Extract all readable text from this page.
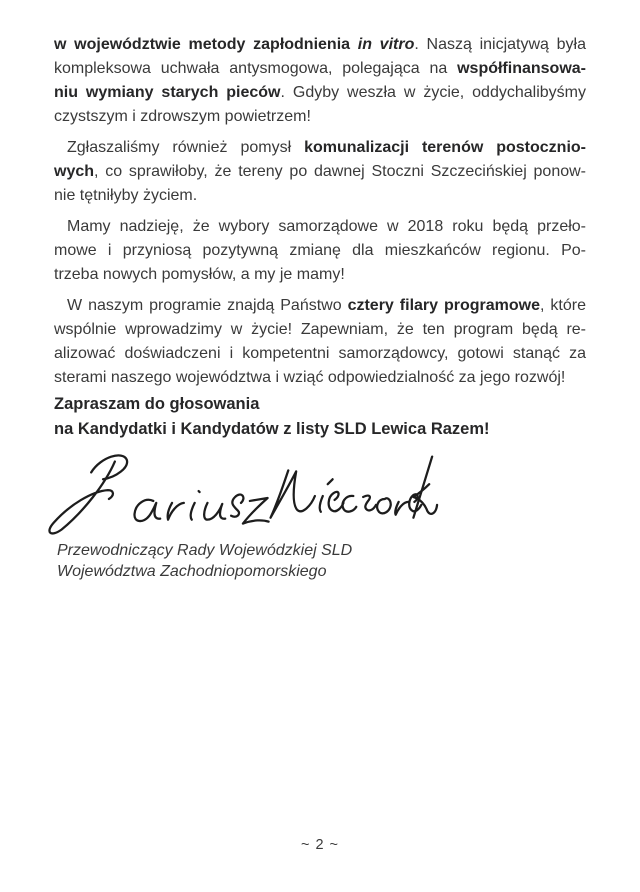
w województwie metody zapłodnienia in vitro. Naszą inicjatywą była
kompleksowa uchwała antysmogowa, polegająca na współfinansowa-
niu wymiany starych pieców. Gdyby weszła w życie, oddychalibyśmy
czystszym i zdrowszym powietrzem!
Zgłaszaliśmy również pomysł komunalizacji terenów postocznio-
wych, co sprawiłoby, że tereny po dawnej Stoczni Szczecińskiej ponow-
nie tętniłyby życiem.
Mamy nadzieję, że wybory samorządowe w 2018 roku będą przeło-
mowe i przyniosą pozytywną zmianę dla mieszkańców regionu. Po-
trzeba nowych pomysłów, a my je mamy!
W naszym programie znajdą Państwo cztery filary programowe, które
wspólnie wprowadzimy w życie! Zapewniam, że ten program będą re-
alizować doświadczeni i kompetentni samorządowcy, gotowi stanąć za
sterami naszego województwa i wziąć odpowiedzialność za jego rozwój!
Zapraszam do głosowania
na Kandydatki i Kandydatów z listy SLD Lewica Razem!
Przewodniczący Rady Wojewódzkiej SLD
Województwa Zachodniopomorskiego
~ 2 ~
